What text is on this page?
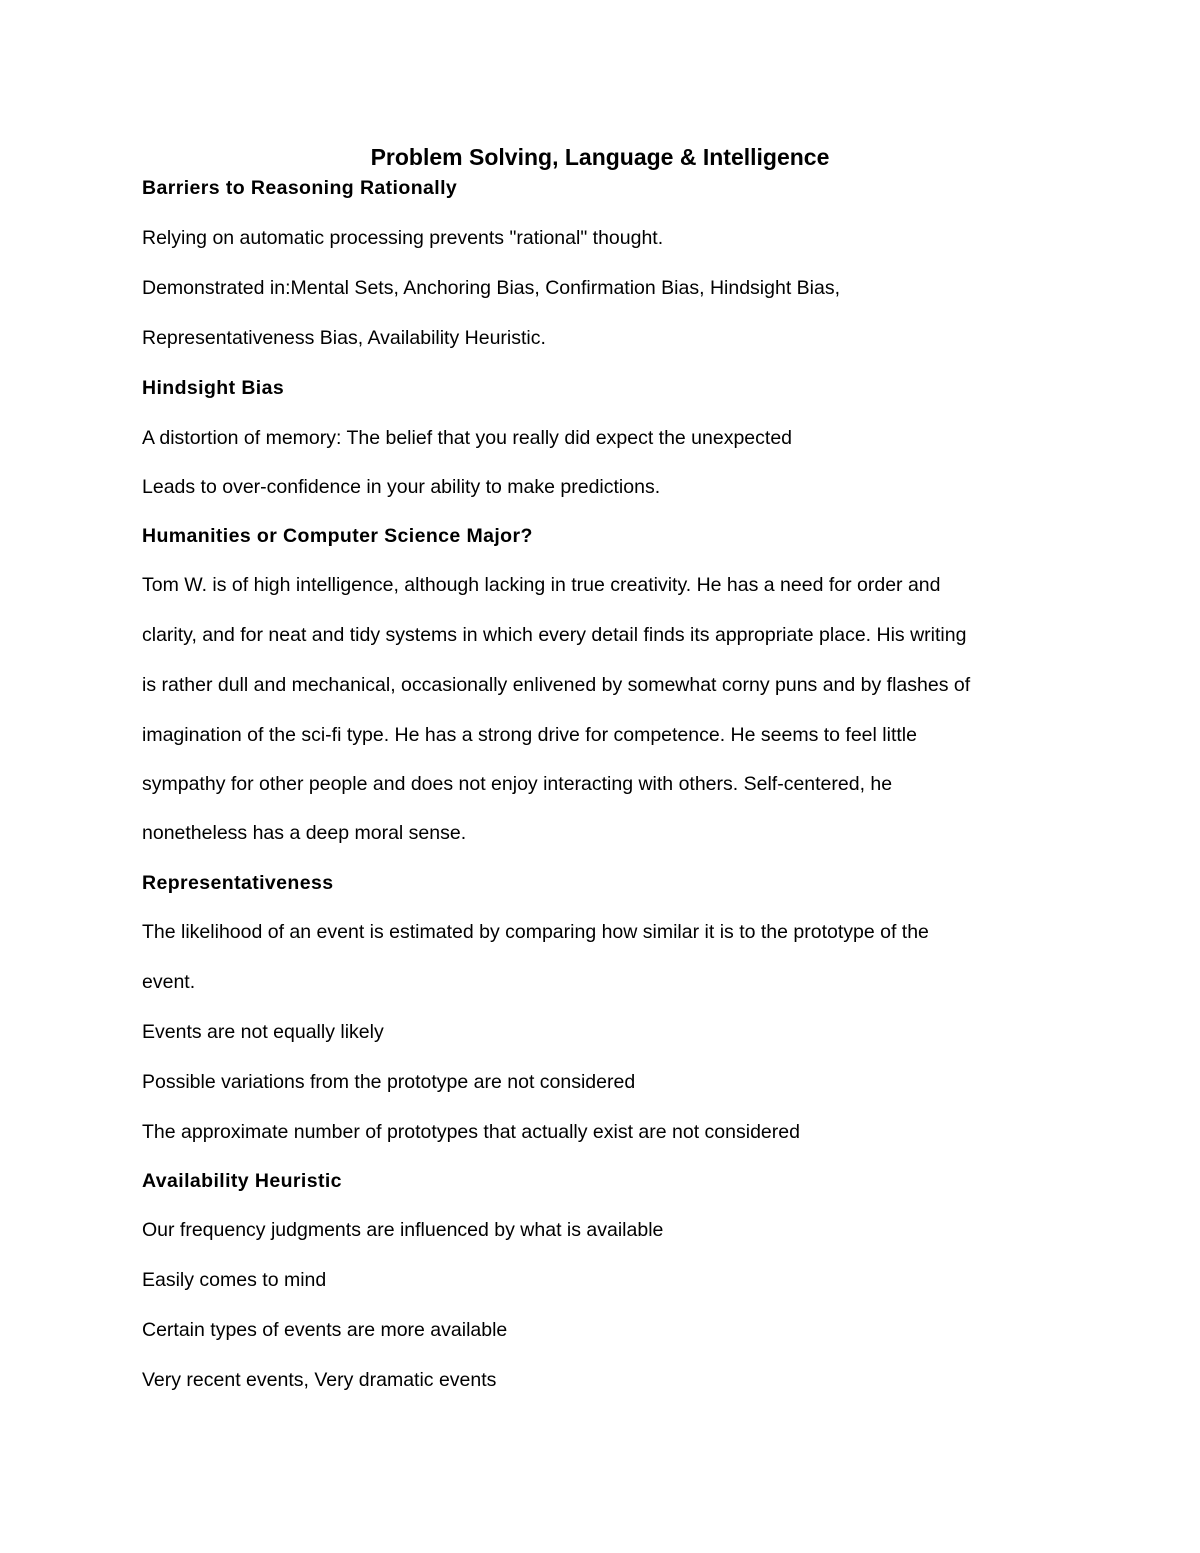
Problem Solving, Language & Intelligence

Barriers to Reasoning Rationally

Relying on automatic processing prevents "rational" thought.

Demonstrated in:Mental Sets, Anchoring Bias, Confirmation Bias, Hindsight Bias,

Representativeness Bias, Availability Heuristic.

Hindsight Bias

A distortion of memory: The belief that you really did expect the unexpected

Leads to over-confidence in your ability to make predictions.

Humanities or Computer Science Major?

Tom W. is of high intelligence, although lacking in true creativity. He has a need for order and

clarity, and for neat and tidy systems in which every detail finds its appropriate place. His writing

is rather dull and mechanical, occasionally enlivened by somewhat corny puns and by flashes of

imagination of the sci-fi type. He has a strong drive for competence. He seems to feel little

sympathy for other people and does not enjoy interacting with others. Self-centered, he

nonetheless has a deep moral sense.

Representativeness

The likelihood of an event is estimated by comparing how similar it is to the prototype of the

event.

Events are not equally likely

Possible variations from the prototype are not considered

The approximate number of prototypes that actually exist are not considered

Availability Heuristic

Our frequency judgments are influenced by what is available

Easily comes to mind

Certain types of events are more available

Very recent events, Very dramatic events
